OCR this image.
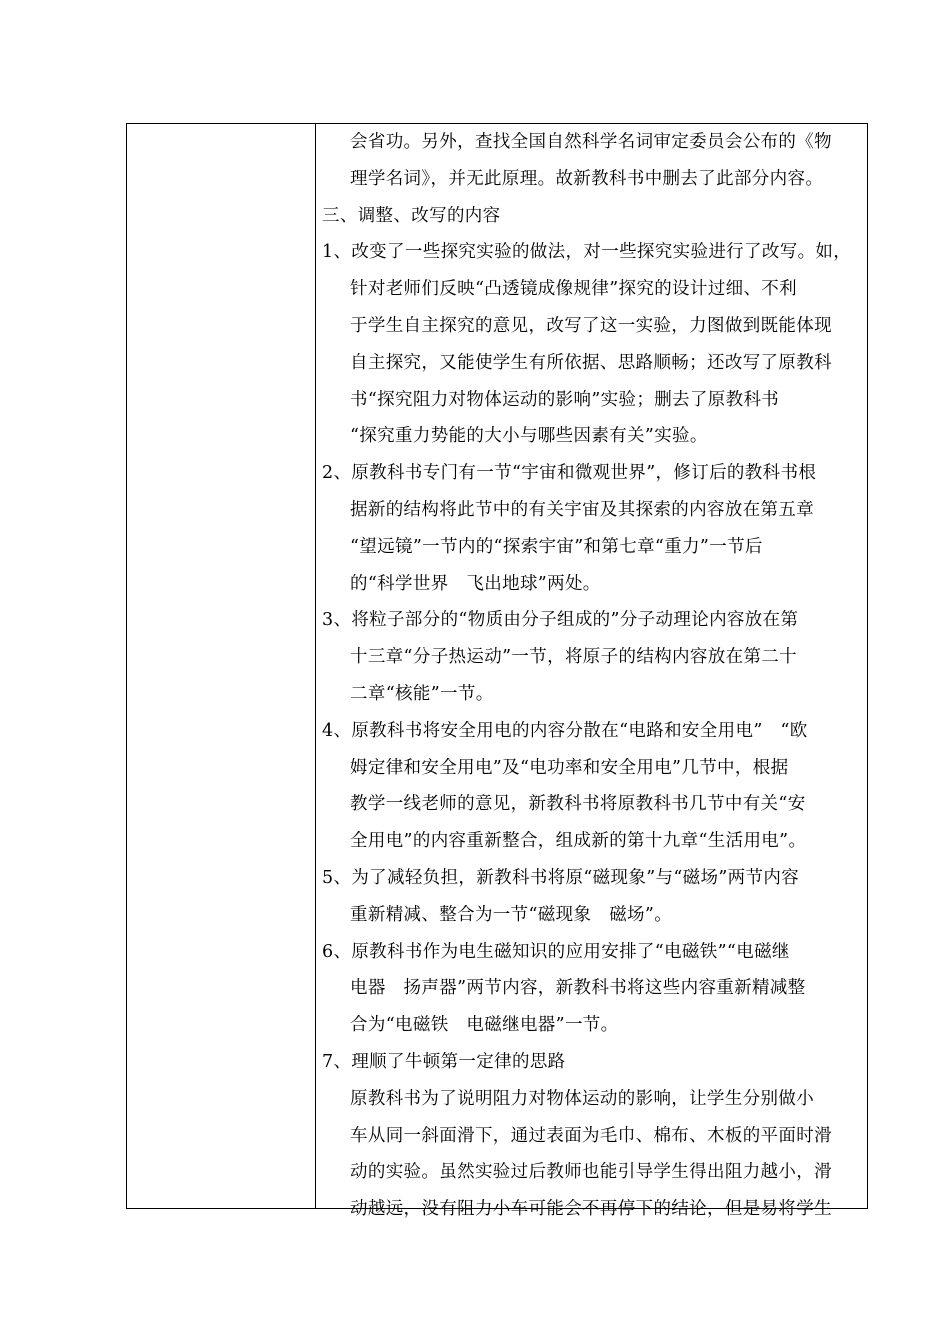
会省功。另外，查找全国自然科学名词审定委员会公布的《物
理学名词》，并无此原理。故新教科书中删去了此部分内容。
三、调整、改写的内容
1、改变了一些探究实验的做法，对一些探究实验进行了改写。如，
针对老师们反映“凸透镜成像规律”探究的设计过细、不利
于学生自主探究的意见，改写了这一实验，力图做到既能体现
自主探究，又能使学生有所依据、思路顺畅；还改写了原教科
书“探究阻力对物体运动的影响”实验；删去了原教科书
“探究重力势能的大小与哪些因素有关”实验。
2、原教科书专门有一节“宇宙和微观世界”，修订后的教科书根
据新的结构将此节中的有关宇宙及其探索的内容放在第五章
“望远镜”一节内的“探索宇宙”和第七章“重力”一节后
的“科学世界　飞出地球”两处。
3、将粒子部分的“物质由分子组成的”分子动理论内容放在第
十三章“分子热运动”一节，将原子的结构内容放在第二十
二章“核能”一节。
4、原教科书将安全用电的内容分散在“电路和安全用电”　“欧
姆定律和安全用电”及“电功率和安全用电”几节中，根据
教学一线老师的意见，新教科书将原教科书几节中有关“安
全用电”的内容重新整合，组成新的第十九章“生活用电”。
5、为了减轻负担，新教科书将原“磁现象”与“磁场”两节内容
重新精减、整合为一节“磁现象　磁场”。
6、原教科书作为电生磁知识的应用安排了“电磁铁”“电磁继
电器　扬声器”两节内容，新教科书将这些内容重新精减整
合为“电磁铁　电磁继电器”一节。
7、理顺了牛顿第一定律的思路
原教科书为了说明阻力对物体运动的影响，让学生分别做小
车从同一斜面滑下，通过表面为毛巾、棉布、木板的平面时滑
动的实验。虽然实验过后教师也能引导学生得出阻力越小，滑
动越远，没有阻力小车可能会不再停下的结论，但是易将学生
